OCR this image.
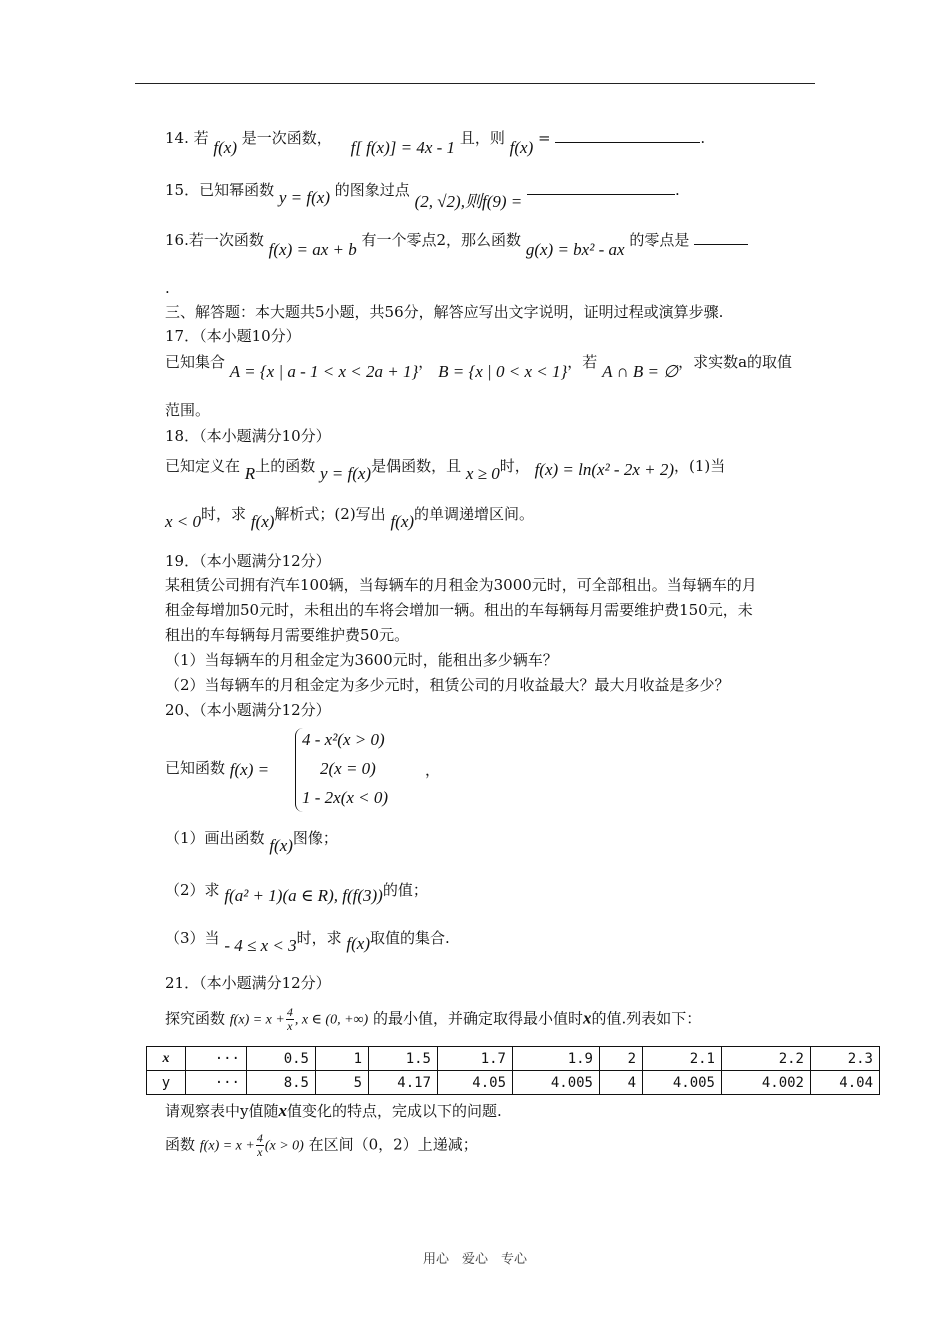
14. 若 f(x) 是一次函数， f[ f(x)] = 4x - 1 且，则 f(x) =	.
15．已知幂函数 y = f(x) 的图象过点 (2, √2),则f(9) = .
16.若一次函数 f(x) = ax + b 有一个零点2，那么函数 g(x) = bx² - ax 的零点是
.
三、解答题：本大题共5小题，共56分，解答应写出文字说明，证明过程或演算步骤.
17．（本小题10分）
已知集合 A = {x | a - 1 < x < 2a + 1}， B = {x | 0 < x < 1}，若 A ∩ B = ∅，求实数a的取值
范围。
18．（本小题满分10分）
已知定义在 R上的函数 y = f(x)是偶函数，且 x ≥ 0时， f(x) = ln(x² - 2x + 2)，(1)当
x < 0时，求 f(x)解析式；(2)写出 f(x)的单调递增区间。
19．（本小题满分12分）
某租赁公司拥有汽车100辆，当每辆车的月租金为3000元时，可全部租出。当每辆车的月
租金每增加50元时，未租出的车将会增加一辆。租出的车每辆每月需要维护费150元，未
租出的车每辆每月需要维护费50元。
（1）当每辆车的月租金定为3600元时，能租出多少辆车？
（2）当每辆车的月租金定为多少元时，租赁公司的月收益最大？最大月收益是多少？
20、（本小题满分12分）
已知函数 f(x) =
4 - x²(x > 0)
2(x = 0)
1 - 2x(x < 0)
，
（1）画出函数 f(x)图像；
（2）求 f(a² + 1)(a ∈ R), f(f(3))的值；
（3）当 - 4 ≤ x < 3时，求 f(x)取值的集合.
21．（本小题满分12分）
探究函数 $f(x) = x + \frac{4}{x}$ , x ∈ (0, +∞) 的最小值，并确定取得最小值时x的值.列表如下：
x	···	0.5	1	1.5	1.7	1.9	2	2.1	2.2	2.3
y	···	8.5	5	4.17	4.05	4.005	4	4.005	4.002	4.04
请观察表中y值随x值变化的特点，完成以下的问题.
函数 $f(x) = x + \frac{4}{x} (x > 0)$ 在区间（0，2）上递减；
用心　爱心　专心
